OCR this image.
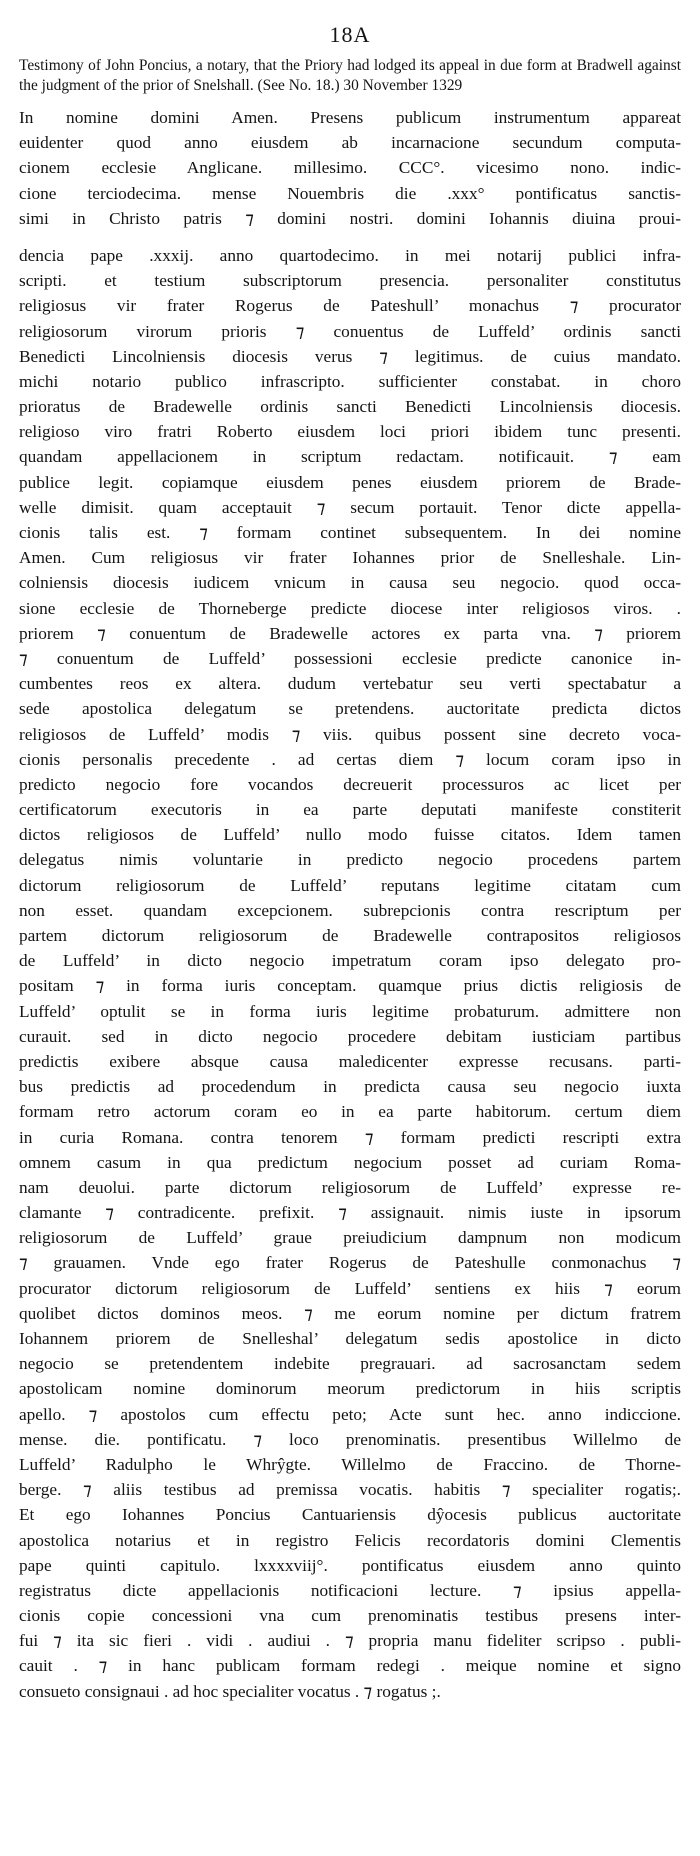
18A
Testimony of John Poncius, a notary, that the Priory had lodged its appeal in due form at Bradwell against the judgment of the prior of Snelshall. (See No. 18.) 30 November 1329
In nomine domini Amen. Presens publicum instrumentum appareat
euidenter quod anno eiusdem ab incarnacione secundum computa-
cionem ecclesie Anglicane. millesimo. CCC°. vicesimo nono. indic-
cione terciodecima. mense Nouembris die .xxx° pontificatus sanctis-
simi in Christo patris ⁊ domini nostri. domini Iohannis diuina proui-
dencia pape .xxxij. anno quartodecimo. in mei notarij publici infra-
scripti. et testium subscriptorum presencia. personaliter constitutus
religiosus vir frater Rogerus de Pateshull’ monachus ⁊ procurator
religiosorum virorum prioris ⁊ conuentus de Luffeld’ ordinis sancti
Benedicti Lincolniensis diocesis verus ⁊ legitimus. de cuius mandato.
michi notario publico infrascripto. sufficienter constabat. in choro
prioratus de Bradewelle ordinis sancti Benedicti Lincolniensis diocesis.
religioso viro fratri Roberto eiusdem loci priori ibidem tunc presenti.
quandam appellacionem in scriptum redactam. notificauit. ⁊ eam
publice legit. copiamque eiusdem penes eiusdem priorem de Brade-
welle dimisit. quam acceptauit ⁊ secum portauit. Tenor dicte appella-
cionis talis est. ⁊ formam continet subsequentem. In dei nomine
Amen. Cum religiosus vir frater Iohannes prior de Snelleshale. Lin-
colniensis diocesis iudicem vnicum in causa seu negocio. quod occa-
sione ecclesie de Thorneberge predicte diocese inter religiosos viros. .
priorem ⁊ conuentum de Bradewelle actores ex parta vna. ⁊ priorem
⁊ conuentum de Luffeld’ possessioni ecclesie predicte canonice in-
cumbentes reos ex altera. dudum vertebatur seu verti spectabatur a
sede apostolica delegatum se pretendens. auctoritate predicta dictos
religiosos de Luffeld’ modis ⁊ viis. quibus possent sine decreto voca-
cionis personalis precedente . ad certas diem ⁊ locum coram ipso in
predicto negocio fore vocandos decreuerit processuros ac licet per
certificatorum executoris in ea parte deputati manifeste constiterit
dictos religiosos de Luffeld’ nullo modo fuisse citatos. Idem tamen
delegatus nimis voluntarie in predicto negocio procedens partem
dictorum religiosorum de Luffeld’ reputans legitime citatam cum
non esset. quandam excepcionem. subrepcionis contra rescriptum per
partem dictorum religiosorum de Bradewelle contrapositos religiosos
de Luffeld’ in dicto negocio impetratum coram ipso delegato pro-
positam ⁊ in forma iuris conceptam. quamque prius dictis religiosis de
Luffeld’ optulit se in forma iuris legitime probaturum. admittere non
curauit. sed in dicto negocio procedere debitam iusticiam partibus
predictis exibere absque causa maledicenter expresse recusans. parti-
bus predictis ad procedendum in predicta causa seu negocio iuxta
formam retro actorum coram eo in ea parte habitorum. certum diem
in curia Romana. contra tenorem ⁊ formam predicti rescripti extra
omnem casum in qua predictum negocium posset ad curiam Roma-
nam deuolui. parte dictorum religiosorum de Luffeld’ expresse re-
clamante ⁊ contradicente. prefixit. ⁊ assignauit. nimis iuste in ipsorum
religiosorum de Luffeld’ graue preiudicium dampnum non modicum
⁊ grauamen. Vnde ego frater Rogerus de Pateshulle conmonachus ⁊
procurator dictorum religiosorum de Luffeld’ sentiens ex hiis ⁊ eorum
quolibet dictos dominos meos. ⁊ me eorum nomine per dictum fratrem
Iohannem priorem de Snelleshal’ delegatum sedis apostolice in dicto
negocio se pretendentem indebite pregrauari. ad sacrosanctam sedem
apostolicam nomine dominorum meorum predictorum in hiis scriptis
apello. ⁊ apostolos cum effectu peto; Acte sunt hec. anno indiccione.
mense. die. pontificatu. ⁊ loco prenominatis. presentibus Willelmo de
Luffeld’ Radulpho le Whrŷgte. Willelmo de Fraccino. de Thorne-
berge. ⁊ aliis testibus ad premissa vocatis. habitis ⁊ specialiter rogatis;.
Et ego Iohannes Poncius Cantuariensis dŷocesis publicus auctoritate
apostolica notarius et in registro Felicis recordatoris domini Clementis
pape quinti capitulo. lxxxxviij°. pontificatus eiusdem anno quinto
registratus dicte appellacionis notificacioni lecture. ⁊ ipsius appella-
cionis copie concessioni vna cum prenominatis testibus presens inter-
fui ⁊ ita sic fieri . vidi . audiui . ⁊ propria manu fideliter scripso . publi-
cauit . ⁊ in hanc publicam formam redegi . meique nomine et signo
consueto consignaui . ad hoc specialiter vocatus . ⁊ rogatus ;.
